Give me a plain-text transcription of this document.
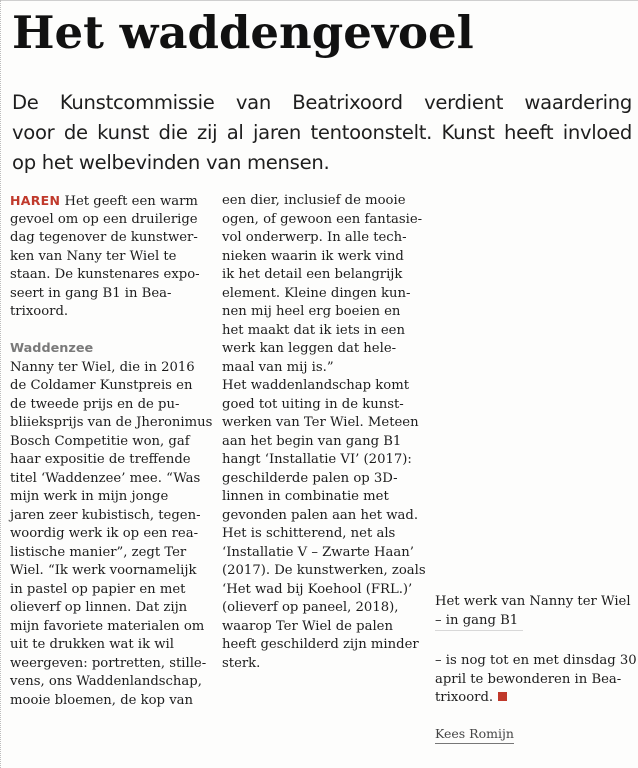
Het waddengevoel

De Kunstcommissie van Beatrixoord verdient waardering
voor de kunst die zij al jaren tentoonstelt. Kunst heeft invloed
op het welbevinden van mensen.

HAREN Het geeft een warm
gevoel om op een druilerige
dag tegenover de kunstwer-
ken van Nany ter Wiel te
staan. De kunstenares expo-
seert in gang B1 in Bea-
trixoord.
Waddenzee
Nanny ter Wiel, die in 2016
de Coldamer Kunstpreis en
de tweede prijs en de pu-
bliieksprijs van de Jheronimus
Bosch Competitie won, gaf
haar expositie de treffende
titel ‘Waddenzee’ mee. “Was
mijn werk in mijn jonge
jaren zeer kubistisch, tegen-
woordig werk ik op een rea-
listische manier”, zegt Ter
Wiel. “Ik werk voornamelijk
in pastel op papier en met
olieverf op linnen. Dat zijn
mijn favoriete materialen om
uit te drukken wat ik wil
weergeven: portretten, stille-
vens, ons Waddenlandschap,
mooie bloemen, de kop van
een dier, inclusief de mooie
ogen, of gewoon een fantasie-
vol onderwerp. In alle tech-
nieken waarin ik werk vind
ik het detail een belangrijk
element. Kleine dingen kun-
nen mij heel erg boeien en
het maakt dat ik iets in een
werk kan leggen dat hele-
maal van mij is.”
Het waddenlandschap komt
goed tot uiting in de kunst-
werken van Ter Wiel. Meteen
aan het begin van gang B1
hangt ‘Installatie VI’ (2017):
geschilderde palen op 3D-
linnen in combinatie met
gevonden palen aan het wad.
Het is schitterend, net als
‘Installatie V – Zwarte Haan’
(2017). De kunstwerken, zoals
‘Het wad bij Koehool (FRL.)’
(olieverf op paneel, 2018),
waarop Ter Wiel de palen
heeft geschilderd zijn minder
sterk.
Het werk van Nanny ter Wiel
– in gang B1
– is nog tot en met dinsdag 30
april te bewonderen in Bea-
trixoord.
Kees Romijn
